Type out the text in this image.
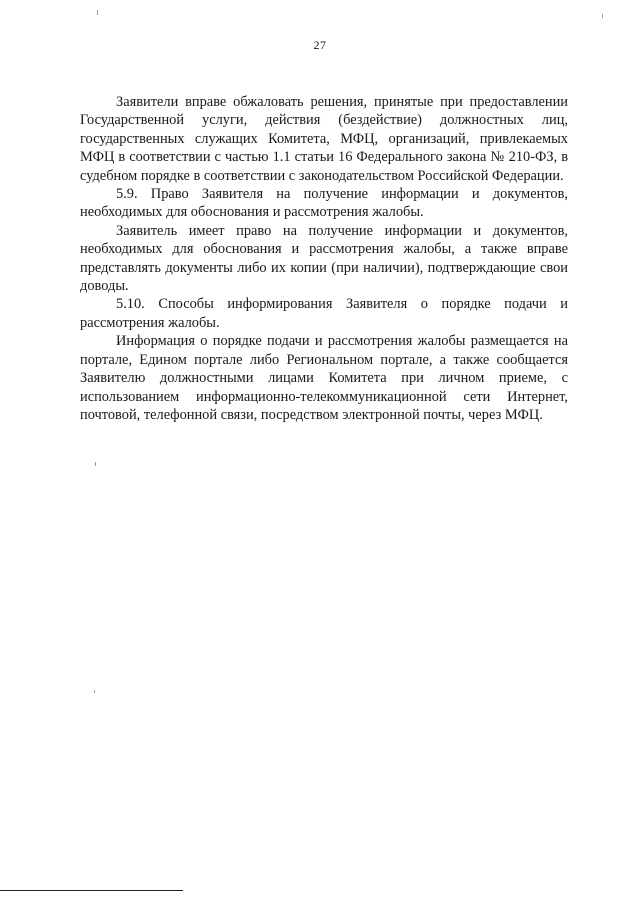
27

Заявители вправе обжаловать решения, принятые при предоставлении Государственной услуги, действия (бездействие) должностных лиц, государственных служащих Комитета, МФЦ, организаций, привлекаемых МФЦ в соответствии с частью 1.1 статьи 16 Федерального закона № 210-ФЗ, в судебном порядке в соответствии с законодательством Российской Федерации.

5.9. Право Заявителя на получение информации и документов, необходимых для обоснования и рассмотрения жалобы.

Заявитель имеет право на получение информации и документов, необходимых для обоснования и рассмотрения жалобы, а также вправе представлять документы либо их копии (при наличии), подтверждающие свои доводы.

5.10. Способы информирования Заявителя о порядке подачи и рассмотрения жалобы.

Информация о порядке подачи и рассмотрения жалобы размещается на портале, Едином портале либо Региональном портале, а также сообщается Заявителю должностными лицами Комитета при личном приеме, с использованием информационно-телекоммуникационной сети Интернет, почтовой, телефонной связи, посредством электронной почты, через МФЦ.
